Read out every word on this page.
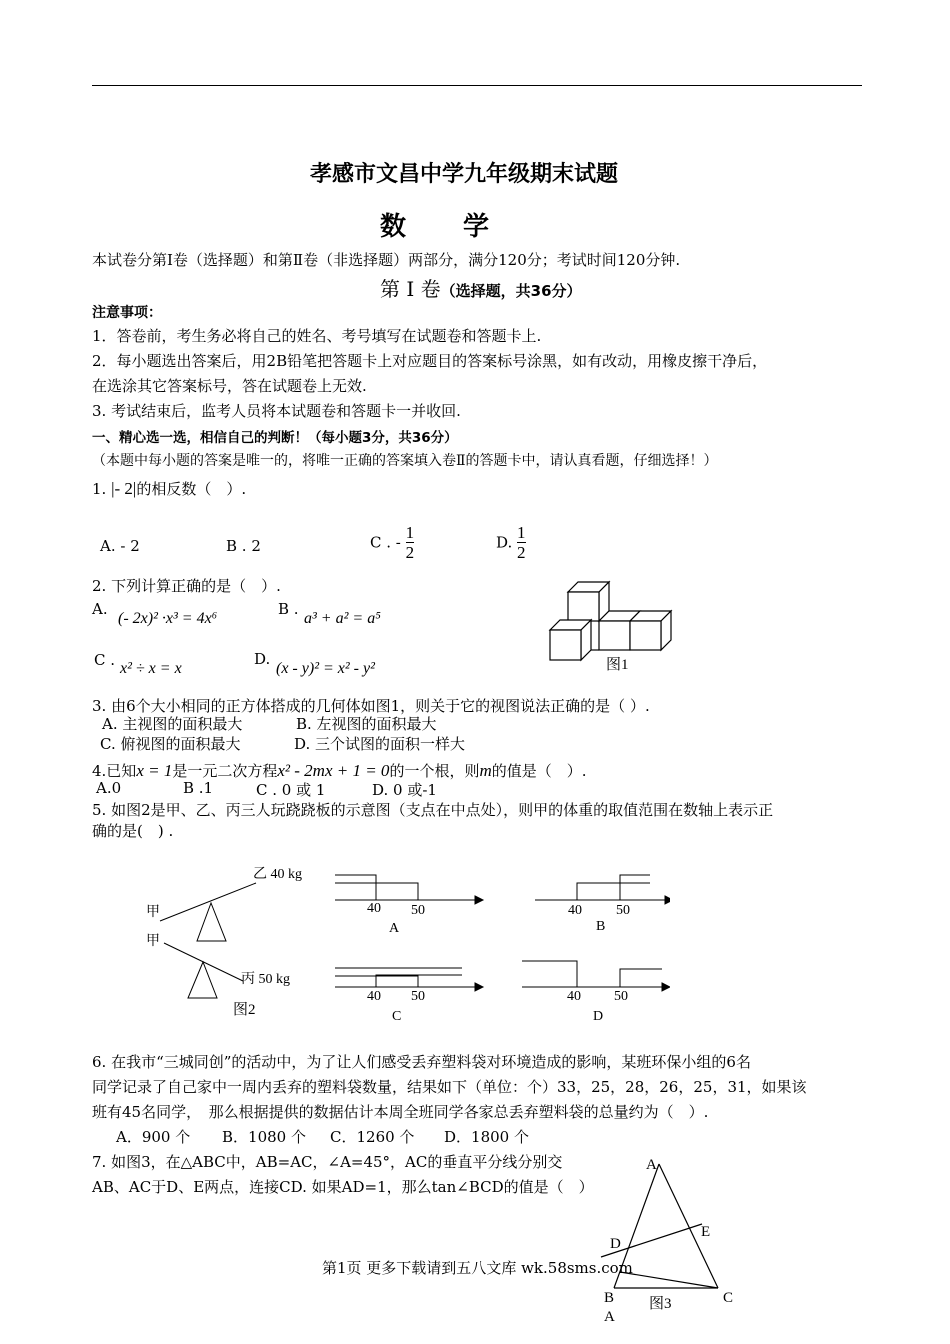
孝感市文昌中学九年级期末试题
数 学
本试卷分第Ⅰ卷（选择题）和第Ⅱ卷（非选择题）两部分，满分120分；考试时间120分钟.
第 Ⅰ 卷（选择题，共36分）
注意事项：
1．答卷前，考生务必将自己的姓名、考号填写在试题卷和答题卡上.
2．每小题选出答案后，用2B铅笔把答题卡上对应题目的答案标号涂黑，如有改动，用橡皮擦干净后，
在选涂其它答案标号，答在试题卷上无效.
3. 考试结束后，监考人员将本试题卷和答题卡一并收回.
一、精心选一选，相信自己的判断！（每小题3分，共36分）
（本题中每小题的答案是唯一的，将唯一正确的答案填入卷Ⅱ的答题卡中，请认真看题，仔细选择！）
1. |- 2|的相反数（　）.
A. - 2	B . 2	C . - $\frac{1}{2}$	D. $\frac{1}{2}$
2. 下列计算正确的是（　）.
A.
(- 2x)² ·x³ = 4x⁶
B .
a³ + a² = a⁵
C . x² ÷ x = x
D.
(x - y)² = x² - y²	图1
3. 由6个大小相同的正方体搭成的几何体如图1，则关于它的视图说法正确的是（ ）.
A. 主视图的面积最大	B. 左视图的面积最大
C. 俯视图的面积最大	D. 三个试图的面积一样大
4.已知x = 1是一元二次方程x² - 2mx + 1 = 0的一个根，则m的值是（　）.
A.0	B .1	C . 0 或 1	D. 0 或-1
5. 如图2是甲、乙、丙三人玩跷跷板的示意图（支点在中点处），则甲的体重的取值范围在数轴上表示正
确的是(　) .
乙 40 kg
甲
甲
丙 50 kg
图2
40 50
A
40 50
B
40 50
C
40 50
D
6. 在我市“三城同创”的活动中，为了让人们感受丢弃塑料袋对环境造成的影响，某班环保小组的6名
同学记录了自己家中一周内丢弃的塑料袋数量，结果如下（单位：个）33，25，28，26，25，31，如果该
班有45名同学，　那么根据提供的数据估计本周全班同学各家总丢弃塑料袋的总量约为（　）.
A．900 个 B．1080 个 C．1260 个 D．1800 个
7. 如图3，在△ABC中，AB=AC，∠A=45°，AC的垂直平分线分别交
AB、AC于D、E两点，连接CD. 如果AD=1，那么tan∠BCD的值是（　）
A
D
E
B	C
图3
A
第1页 更多下载请到五八文库 wk.58sms.com
